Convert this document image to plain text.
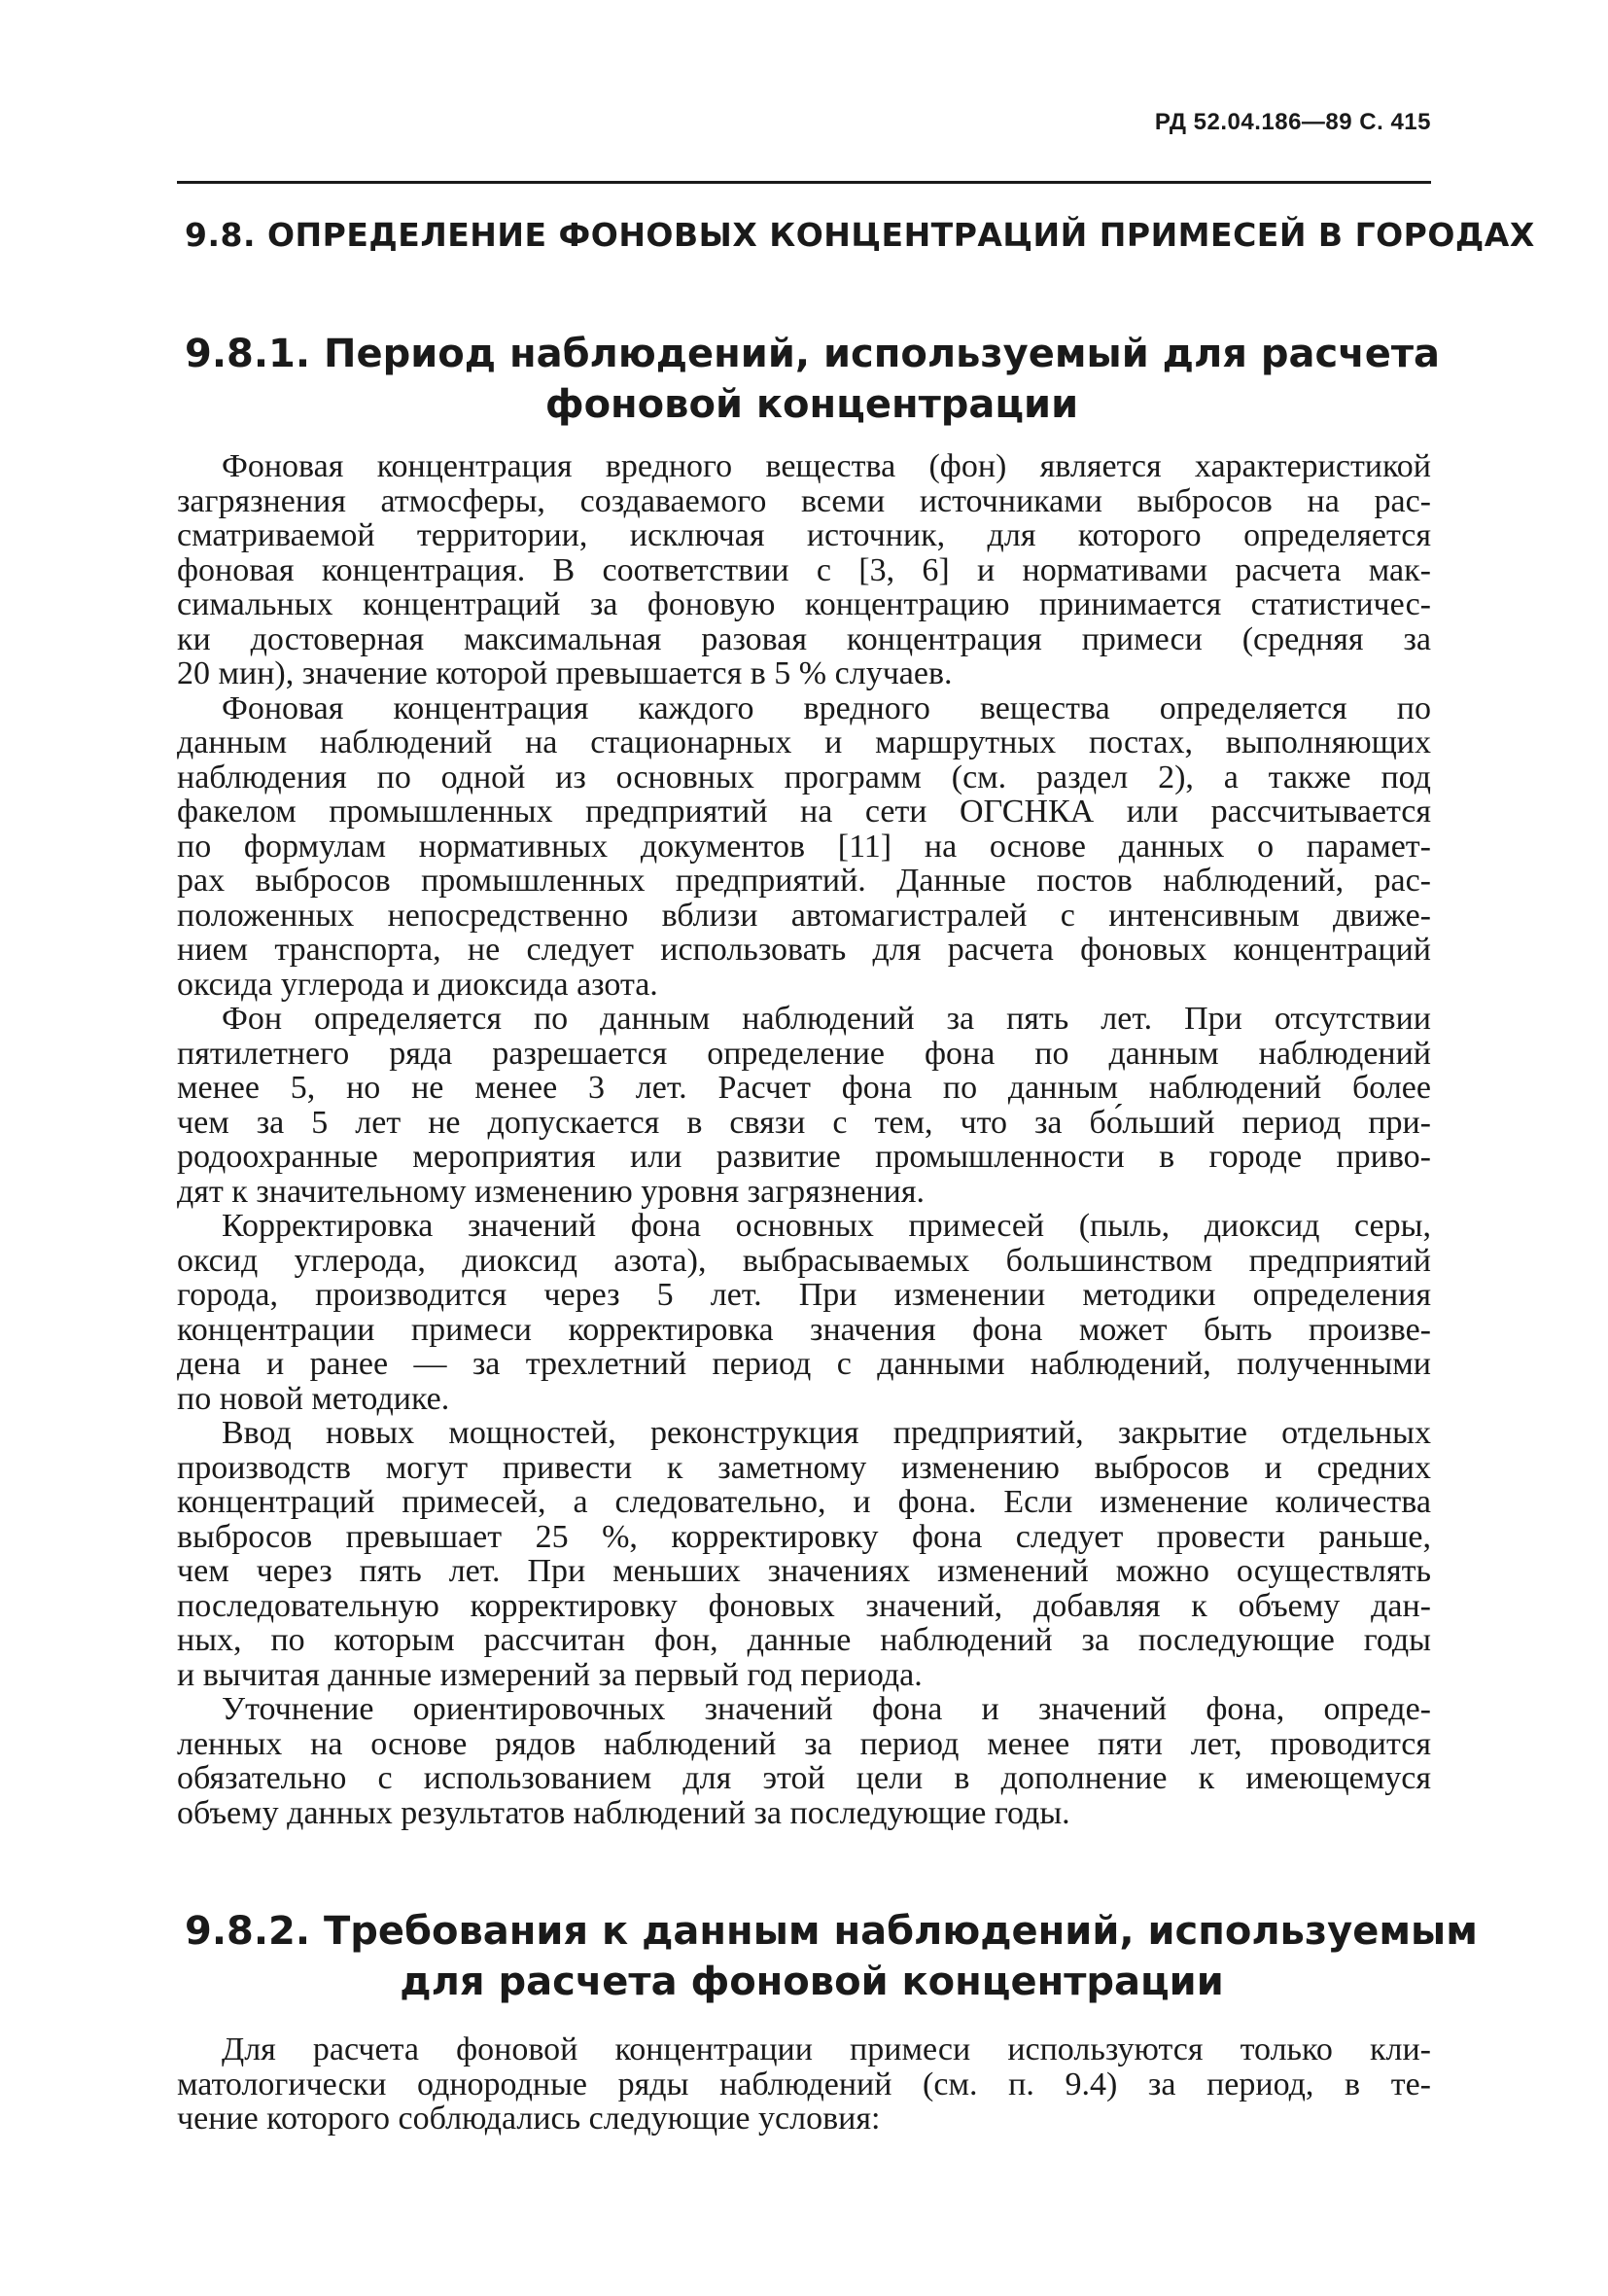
РД 52.04.186—89 С. 415
9.8. ОПРЕДЕЛЕНИЕ ФОНОВЫХ КОНЦЕНТРАЦИЙ ПРИМЕСЕЙ В ГОРОДАХ
9.8.1. Период наблюдений, используемый для расчета
фоновой концентрации

Фоновая концентрация вредного вещества (фон) является характеристикой
загрязнения атмосферы, создаваемого всеми источниками выбросов на рас-
сматриваемой территории, исключая источник, для которого определяется
фоновая концентрация. В соответствии с [3, 6] и нормативами расчета мак-
симальных концентраций за фоновую концентрацию принимается статистичес-
ки достоверная максимальная разовая концентрация примеси (средняя за
20 мин), значение которой превышается в 5 % случаев.

Фоновая концентрация каждого вредного вещества определяется по
данным наблюдений на стационарных и маршрутных постах, выполняющих
наблюдения по одной из основных программ (см. раздел 2), а также под
факелом промышленных предприятий на сети ОГСНКА или рассчитывается
по формулам нормативных документов [11] на основе данных о парамет-
рах выбросов промышленных предприятий. Данные постов наблюдений, рас-
положенных непосредственно вблизи автомагистралей с интенсивным движе-
нием транспорта, не следует использовать для расчета фоновых концентраций
оксида углерода и диоксида азота.

Фон определяется по данным наблюдений за пять лет. При отсутствии
пятилетнего ряда разрешается определение фона по данным наблюдений
менее 5, но не менее 3 лет. Расчет фона по данным наблюдений более
чем за 5 лет не допускается в связи с тем, что за бо́льший период при-
родоохранные мероприятия или развитие промышленности в городе приво-
дят к значительному изменению уровня загрязнения.

Корректировка значений фона основных примесей (пыль, диоксид серы,
оксид углерода, диоксид азота), выбрасываемых большинством предприятий
города, производится через 5 лет. При изменении методики определения
концентрации примеси корректировка значения фона может быть произве-
дена и ранее — за трехлетний период с данными наблюдений, полученными
по новой методике.

Ввод новых мощностей, реконструкция предприятий, закрытие отдельных
производств могут привести к заметному изменению выбросов и средних
концентраций примесей, а следовательно, и фона. Если изменение количества
выбросов превышает 25 %, корректировку фона следует провести раньше,
чем через пять лет. При меньших значениях изменений можно осуществлять
последовательную корректировку фоновых значений, добавляя к объему дан-
ных, по которым рассчитан фон, данные наблюдений за последующие годы
и вычитая данные измерений за первый год периода.

Уточнение ориентировочных значений фона и значений фона, опреде-
ленных на основе рядов наблюдений за период менее пяти лет, проводится
обязательно с использованием для этой цели в дополнение к имеющемуся
объему данных результатов наблюдений за последующие годы.

9.8.2. Требования к данным наблюдений, используемым
для расчета фоновой концентрации

Для расчета фоновой концентрации примеси используются только кли-
матологически однородные ряды наблюдений (см. п. 9.4) за период, в те-
чение которого соблюдались следующие условия:
